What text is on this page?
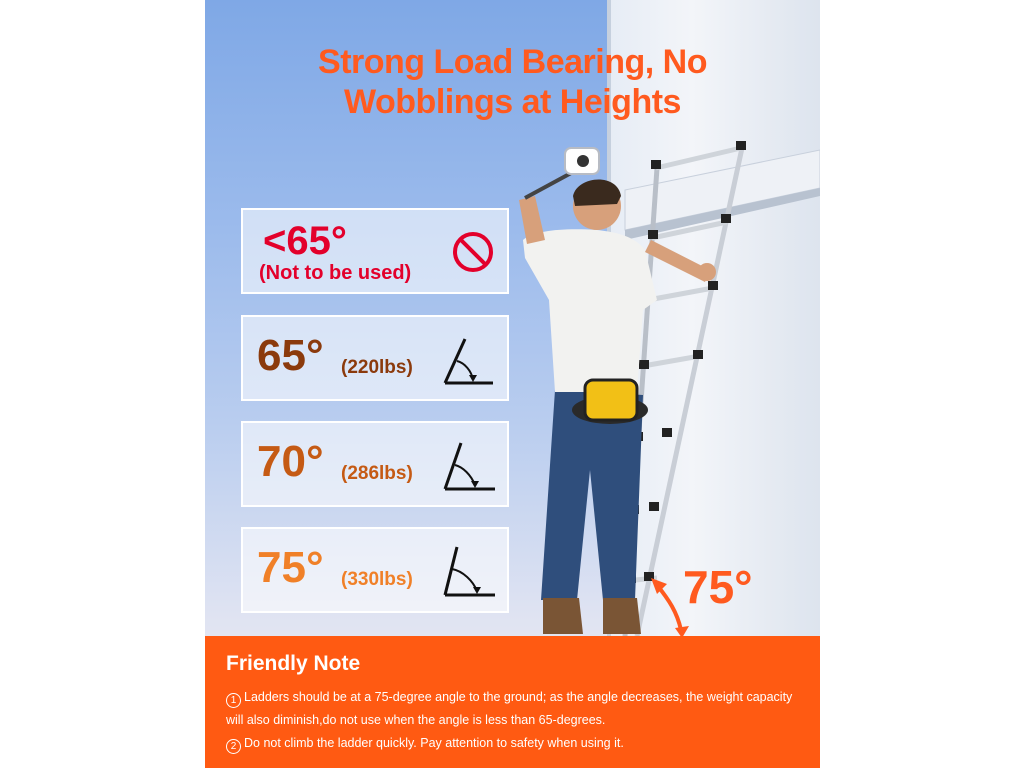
Strong Load Bearing, No
Wobblings at Heights
<65°
(Not to be used)
65° (220lbs)
70° (286lbs)
75° (330lbs)	75°
Friendly Note
1 Ladders should be at a 75-degree angle to the ground; as the angle decreases, the weight capacity
will also diminish,do not use when the angle is less than 65-degrees.
2 Do not climb the ladder quickly. Pay attention to safety when using it.
